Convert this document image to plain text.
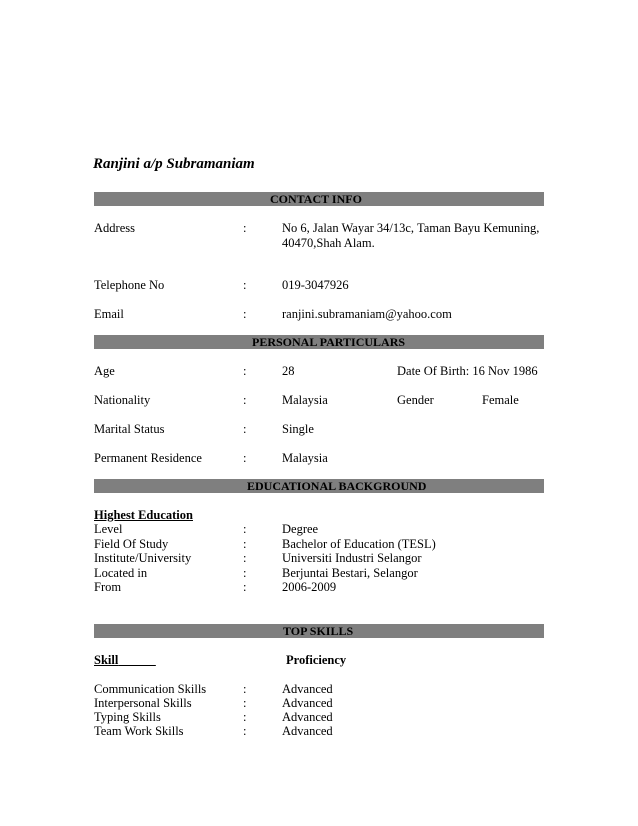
Ranjini a/p Subramaniam
CONTACT INFO
Address	:	No 6, Jalan Wayar 34/13c, Taman Bayu Kemuning,
40470,Shah Alam.
Telephone No	:	019-3047926
Email	:	ranjini.subramaniam@yahoo.com
PERSONAL PARTICULARS
Age	:	28	Date Of Birth: 16 Nov 1986
Nationality	:	Malaysia	Gender	Female
Marital Status	:	Single
Permanent Residence	:	Malaysia
EDUCATIONAL BACKGROUND
Highest Education
Level	:	Degree
Field Of Study	:	Bachelor of Education (TESL)
Institute/University	:	Universiti Industri Selangor
Located in	:	Berjuntai Bestari, Selangor
From	:	2006-2009
TOP SKILLS
Skill	Proficiency
Communication Skills	:	Advanced
Interpersonal Skills	:	Advanced
Typing Skills	:	Advanced
Team Work Skills	:	Advanced
